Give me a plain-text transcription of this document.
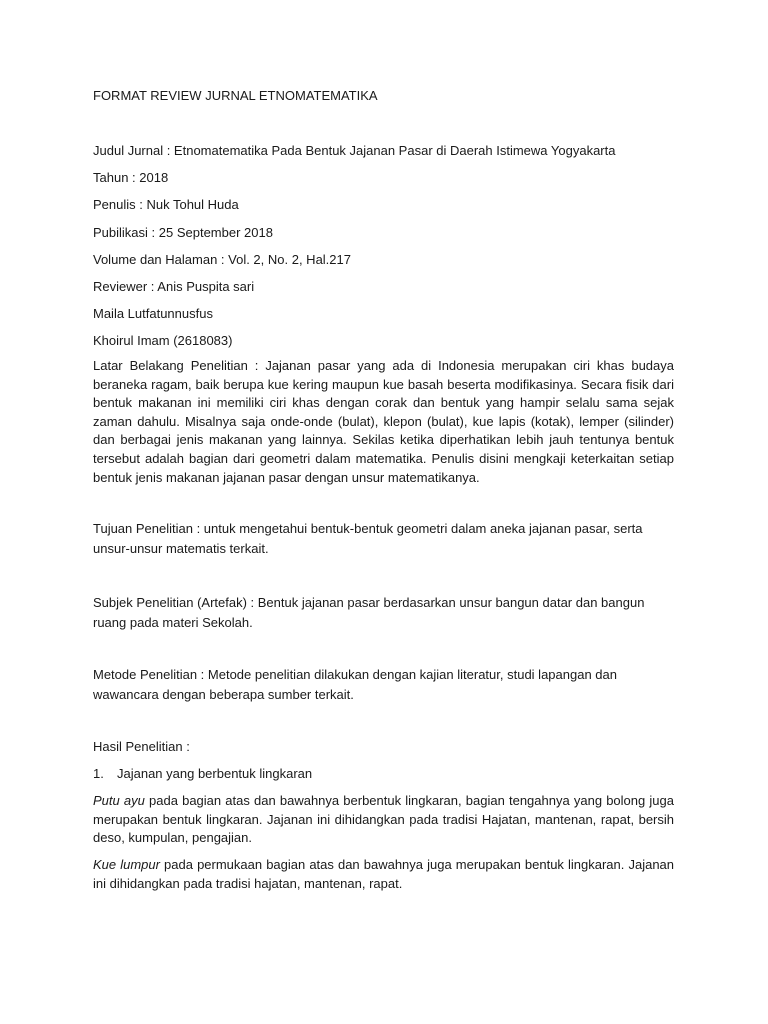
FORMAT REVIEW JURNAL ETNOMATEMATIKA
Judul Jurnal : Etnomatematika Pada Bentuk Jajanan Pasar di Daerah Istimewa Yogyakarta
Tahun : 2018
Penulis : Nuk Tohul Huda
Pubilikasi : 25 September 2018
Volume dan Halaman : Vol. 2, No. 2, Hal.217
Reviewer : Anis Puspita sari
Maila Lutfatunnusfus
Khoirul Imam (2618083)
Latar Belakang Penelitian : Jajanan pasar yang ada di Indonesia merupakan ciri khas budaya beraneka ragam, baik berupa kue kering maupun kue basah beserta modifikasinya. Secara fisik dari bentuk makanan ini memiliki ciri khas dengan corak dan bentuk yang hampir selalu sama sejak zaman dahulu. Misalnya saja onde-onde (bulat), klepon (bulat), kue lapis (kotak), lemper (silinder) dan berbagai jenis makanan yang lainnya. Sekilas ketika diperhatikan lebih jauh tentunya bentuk tersebut adalah bagian dari geometri dalam matematika. Penulis disini mengkaji keterkaitan setiap bentuk jenis makanan jajanan pasar dengan unsur matematikanya.
Tujuan Penelitian : untuk mengetahui bentuk-bentuk geometri dalam aneka jajanan pasar, serta unsur-unsur matematis terkait.
Subjek Penelitian (Artefak) : Bentuk jajanan pasar berdasarkan unsur bangun datar dan bangun ruang pada materi Sekolah.
Metode Penelitian : Metode penelitian dilakukan dengan kajian literatur, studi lapangan dan wawancara dengan beberapa sumber terkait.
Hasil Penelitian :
1. Jajanan yang berbentuk lingkaran
Putu ayu pada bagian atas dan bawahnya berbentuk lingkaran, bagian tengahnya yang bolong juga merupakan bentuk lingkaran. Jajanan ini dihidangkan pada tradisi Hajatan, mantenan, rapat, bersih deso, kumpulan, pengajian.
Kue lumpur pada permukaan bagian atas dan bawahnya juga merupakan bentuk lingkaran. Jajanan ini dihidangkan pada tradisi hajatan, mantenan, rapat.
